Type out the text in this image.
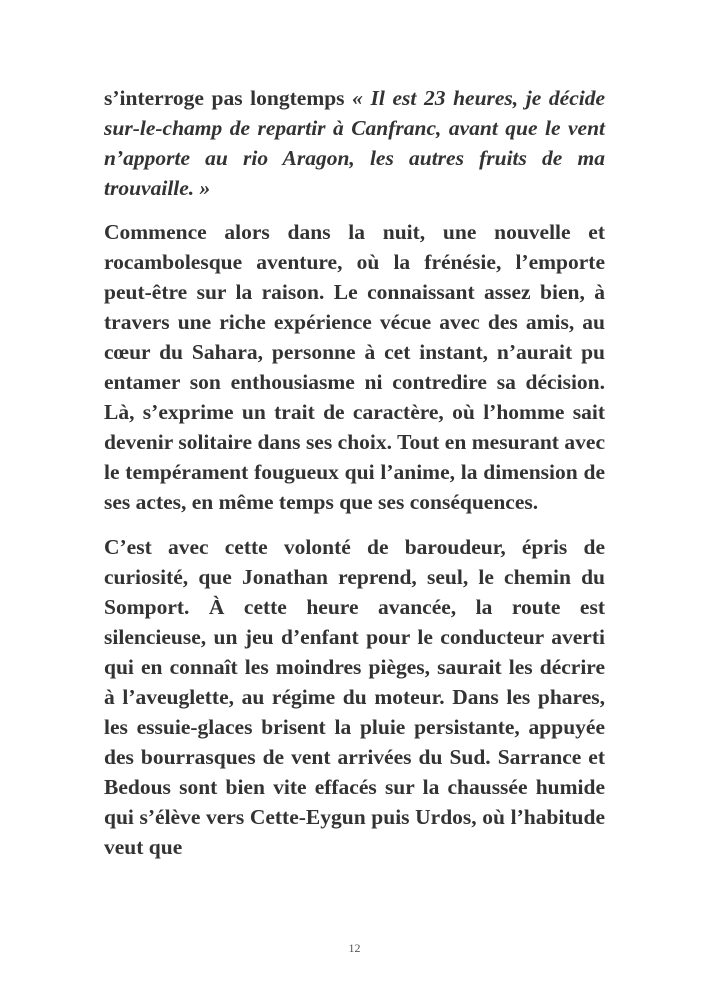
s’interroge pas longtemps « Il est 23 heures, je décide sur-le-champ de repartir à Canfranc, avant que le vent n’apporte au rio Aragon, les autres fruits de ma trouvaille. »

Commence alors dans la nuit, une nouvelle et rocambolesque aventure, où la frénésie, l’emporte peut-être sur la raison. Le connaissant assez bien, à travers une riche expérience vécue avec des amis, au cœur du Sahara, personne à cet instant, n’aurait pu entamer son enthousiasme ni contredire sa décision. Là, s’exprime un trait de caractère, où l’homme sait devenir solitaire dans ses choix. Tout en mesurant avec le tempérament fougueux qui l’anime, la dimension de ses actes, en même temps que ses conséquences.

C’est avec cette volonté de baroudeur, épris de curiosité, que Jonathan reprend, seul, le chemin du Somport. À cette heure avancée, la route est silencieuse, un jeu d’enfant pour le conducteur averti qui en connaît les moindres pièges, saurait les décrire à l’aveuglette, au régime du moteur. Dans les phares, les essuie-glaces brisent la pluie persistante, appuyée des bourrasques de vent arrivées du Sud. Sarrance et Bedous sont bien vite effacés sur la chaussée humide qui s’élève vers Cette-Eygun puis Urdos, où l’habitude veut que

12
